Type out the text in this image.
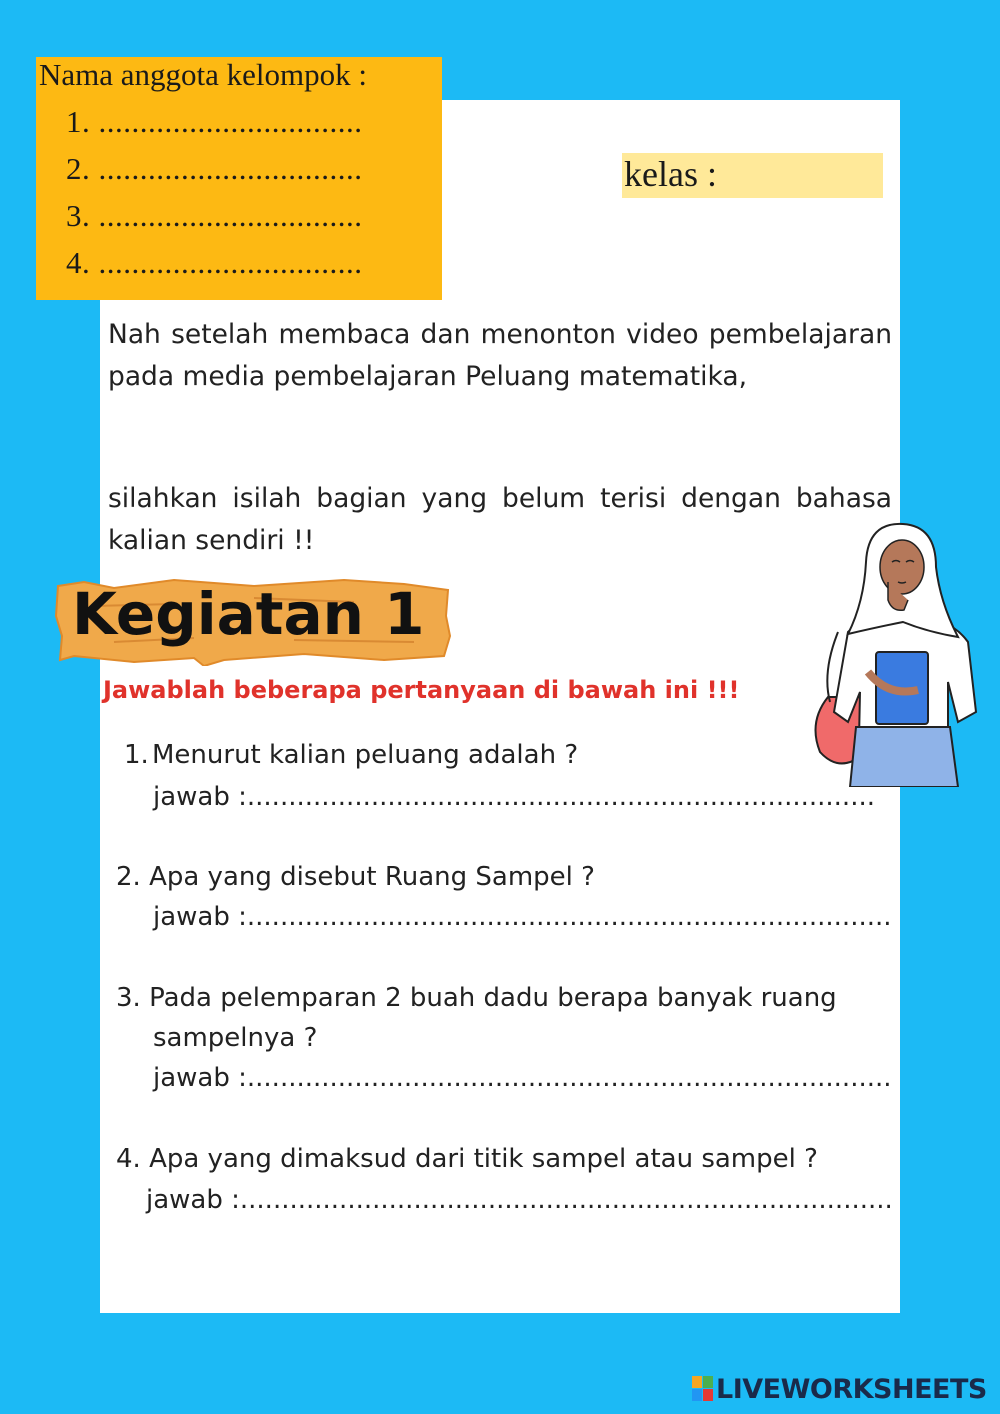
Nama anggota kelompok :
1. ................................
2. ................................
3. ................................
4. ................................
kelas :
Nah setelah membaca dan menonton video pembelajaran pada media pembelajaran Peluang matematika,
silahkan isilah bagian yang belum terisi dengan bahasa kalian sendiri !!
Kegiatan 1
Jawablah beberapa pertanyaan di bawah ini !!!
1. Menurut kalian peluang adalah ?
jawab :............................................................................
2. Apa yang disebut Ruang Sampel ?
jawab :..............................................................................
3. Pada pelemparan 2 buah dadu berapa banyak ruang
sampelnya ?
jawab :..............................................................................
4. Apa yang dimaksud dari titik sampel atau sampel ?
jawab :...............................................................................
LIVEWORKSHEETS
